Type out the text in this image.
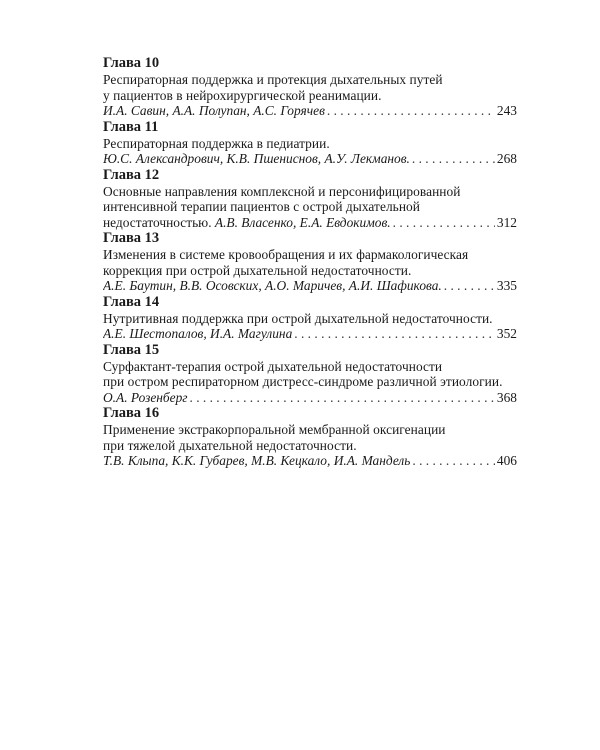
Глава 10
Респираторная поддержка и протекция дыхательных путей
у пациентов в нейрохирургической реанимации.
И.А. Савин, А.А. Полупан, А.С. Горячев . . .	243
Глава 11
Респираторная поддержка в педиатрии.
Ю.С. Александрович, К.В. Пшениснов, А.У. Лекманов. . . .	268
Глава 12
Основные направления комплексной и персонифицированной
интенсивной терапии пациентов с острой дыхательной
недостаточностью. А.В. Власенко, Е.А. Евдокимов. . . .	312
Глава 13
Изменения в системе кровообращения и их фармакологическая
коррекция при острой дыхательной недостаточности.
А.Е. Баутин, В.В. Осовских, А.О. Маричев, А.И. Шафикова. . . .	335
Глава 14
Нутритивная поддержка при острой дыхательной недостаточности.
А.Е. Шестопалов, И.А. Магулина . . .	352
Глава 15
Сурфактант-терапия острой дыхательной недостаточности
при остром респираторном дистресс-синдроме различной этиологии.
О.А. Розенберг . . .	368
Глава 16
Применение экстракорпоральной мембранной оксигенации
при тяжелой дыхательной недостаточности.
Т.В. Клыпа, К.К. Губарев, М.В. Кецкало, И.А. Мандель . . .	406
